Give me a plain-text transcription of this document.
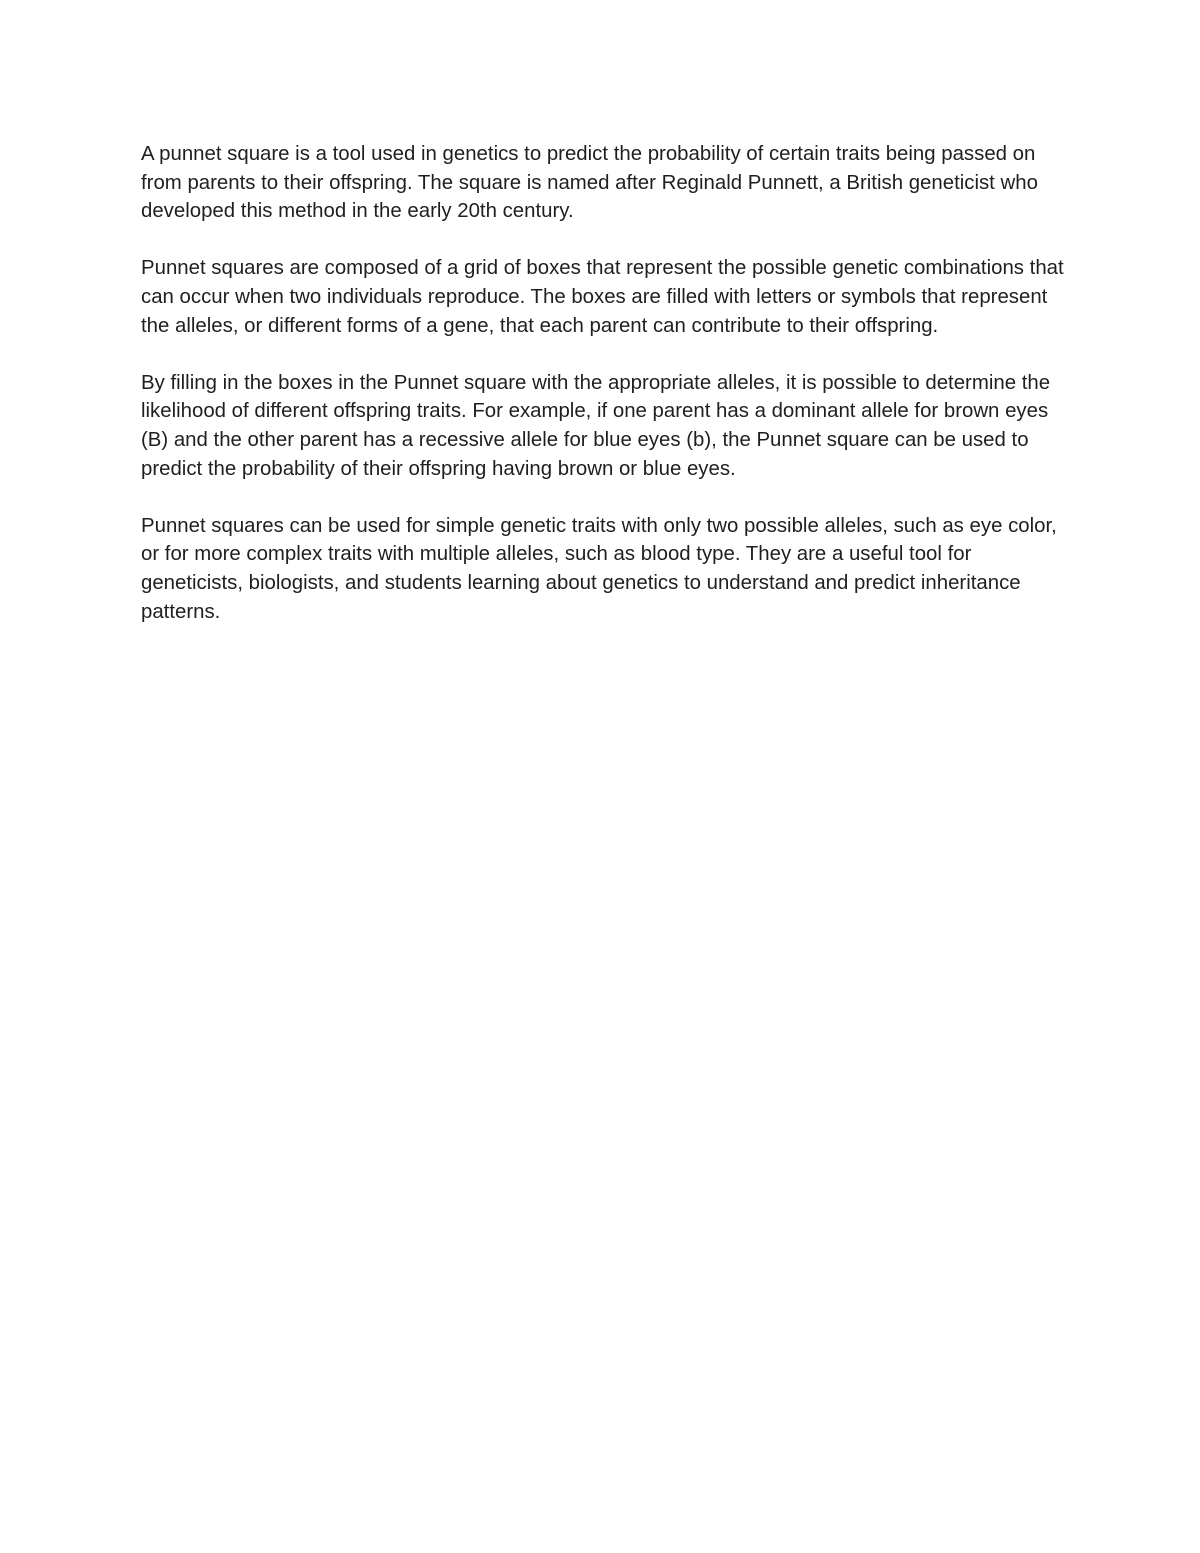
A punnet square is a tool used in genetics to predict the probability of certain traits being passed on from parents to their offspring. The square is named after Reginald Punnett, a British geneticist who developed this method in the early 20th century.

Punnet squares are composed of a grid of boxes that represent the possible genetic combinations that can occur when two individuals reproduce. The boxes are filled with letters or symbols that represent the alleles, or different forms of a gene, that each parent can contribute to their offspring.

By filling in the boxes in the Punnet square with the appropriate alleles, it is possible to determine the likelihood of different offspring traits. For example, if one parent has a dominant allele for brown eyes (B) and the other parent has a recessive allele for blue eyes (b), the Punnet square can be used to predict the probability of their offspring having brown or blue eyes.

Punnet squares can be used for simple genetic traits with only two possible alleles, such as eye color, or for more complex traits with multiple alleles, such as blood type. They are a useful tool for geneticists, biologists, and students learning about genetics to understand and predict inheritance patterns.
